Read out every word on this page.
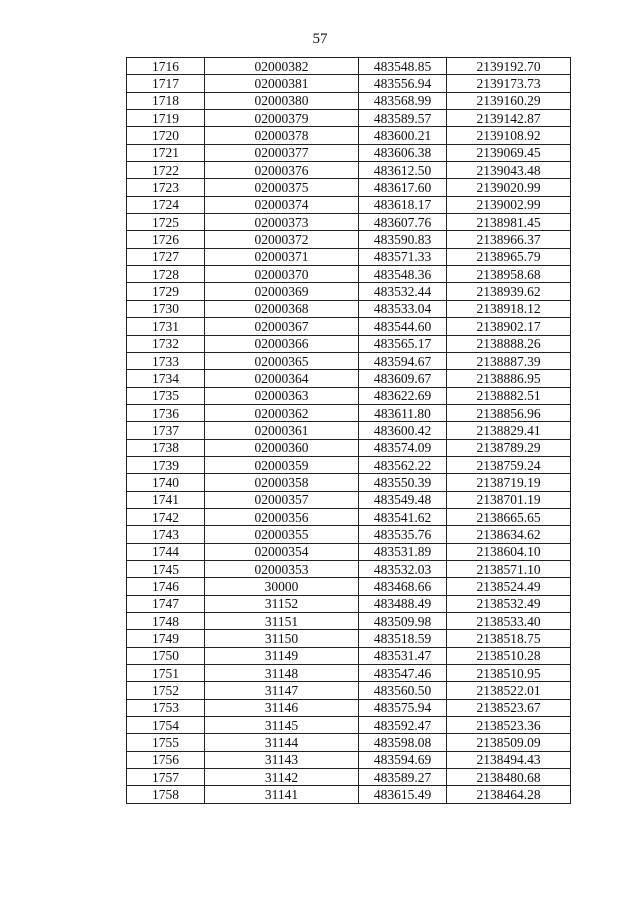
57
1716	02000382	483548.85	2139192.70
1717	02000381	483556.94	2139173.73
1718	02000380	483568.99	2139160.29
1719	02000379	483589.57	2139142.87
1720	02000378	483600.21	2139108.92
1721	02000377	483606.38	2139069.45
1722	02000376	483612.50	2139043.48
1723	02000375	483617.60	2139020.99
1724	02000374	483618.17	2139002.99
1725	02000373	483607.76	2138981.45
1726	02000372	483590.83	2138966.37
1727	02000371	483571.33	2138965.79
1728	02000370	483548.36	2138958.68
1729	02000369	483532.44	2138939.62
1730	02000368	483533.04	2138918.12
1731	02000367	483544.60	2138902.17
1732	02000366	483565.17	2138888.26
1733	02000365	483594.67	2138887.39
1734	02000364	483609.67	2138886.95
1735	02000363	483622.69	2138882.51
1736	02000362	483611.80	2138856.96
1737	02000361	483600.42	2138829.41
1738	02000360	483574.09	2138789.29
1739	02000359	483562.22	2138759.24
1740	02000358	483550.39	2138719.19
1741	02000357	483549.48	2138701.19
1742	02000356	483541.62	2138665.65
1743	02000355	483535.76	2138634.62
1744	02000354	483531.89	2138604.10
1745	02000353	483532.03	2138571.10
1746	30000	483468.66	2138524.49
1747	31152	483488.49	2138532.49
1748	31151	483509.98	2138533.40
1749	31150	483518.59	2138518.75
1750	31149	483531.47	2138510.28
1751	31148	483547.46	2138510.95
1752	31147	483560.50	2138522.01
1753	31146	483575.94	2138523.67
1754	31145	483592.47	2138523.36
1755	31144	483598.08	2138509.09
1756	31143	483594.69	2138494.43
1757	31142	483589.27	2138480.68
1758	31141	483615.49	2138464.28
